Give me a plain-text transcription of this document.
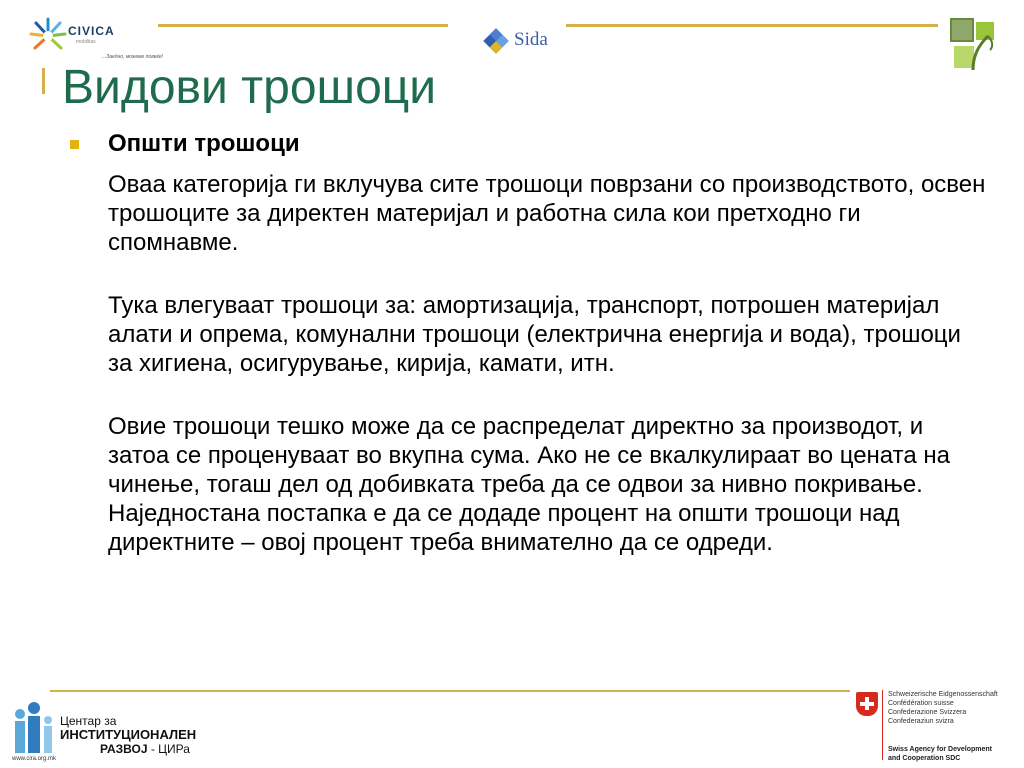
CIVICA
mobilitas
...Заедно, можеме повеќе!
Sida
Видови трошоци
Општи трошоци

Оваа категорија ги вклучува сите трошоци поврзани со производството, освен трошоците за директен материјал и работна сила кои претходно ги спомнавме.

Тука влегуваат трошоци за: амортизација, транспорт, потрошен материјал алати и опрема, комунални трошоци (електрична енергија и вода), трошоци за хигиена, осигурување, кирија, камати, итн.

Овие трошоци тешко може да се распределат директно за производот, и затоа се проценуваат во вкупна сума. Ако не се вкалкулираат во цената на чинење, тогаш дел од добивката треба да се одвои за нивно покривање. Наједностана постапка е да се додаде процент на општи трошоци над директните – овој процент треба внимателно да се одреди.

Центар за
ИНСТИТУЦИОНАЛЕН
РАЗВОЈ - ЦИРа
www.cira.org.mk
Schweizerische Eidgenossenschaft
Confédération suisse
Confederazione Svizzera
Confederaziun svizra
Swiss Agency for Development
and Cooperation SDC
